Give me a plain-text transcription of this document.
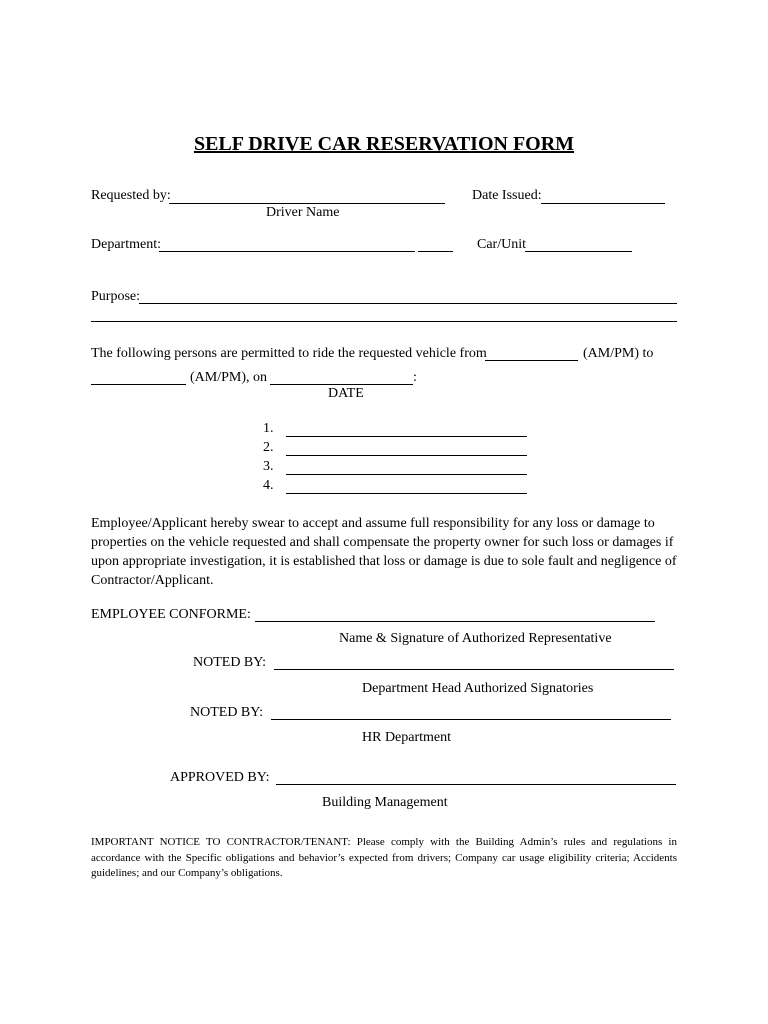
SELF DRIVE CAR RESERVATION FORM
Requested by:
Driver Name
Date Issued:
Department:	Car/Unit
Purpose:
The following persons are permitted to ride the requested vehicle from	(AM/PM) to
(AM/PM), on	:
DATE
1.
2.
3.
4.
Employee/Applicant hereby swear to accept and assume full responsibility for any loss or damage to properties on the vehicle requested and shall compensate the property owner for such loss or damages if upon appropriate investigation, it is established that loss or damage is due to sole fault and negligence of Contractor/Applicant.
EMPLOYEE CONFORME:
Name & Signature of Authorized Representative
NOTED BY:
Department Head Authorized Signatories
NOTED BY:
HR Department
APPROVED BY:
Building Management
IMPORTANT NOTICE TO CONTRACTOR/TENANT: Please comply with the Building Admin’s rules and regulations in accordance with the Specific obligations and behavior’s expected from drivers; Company car usage eligibility criteria; Accidents guidelines; and our Company’s obligations.
